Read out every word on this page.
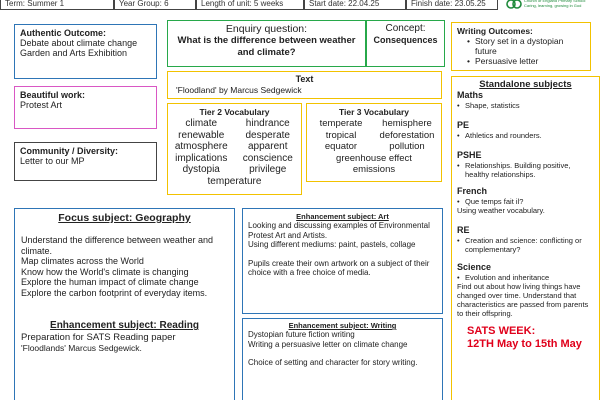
Term: Summer 1	Year Group: 6	Length of unit: 5 weeks	Start date: 22.04.25	Finish date: 23.05.25	Church of England Primary School
Caring, learning, growing in God
Authentic Outcome:
Debate about climate change
Garden and Arts Exhibition
Enquiry question:
What is the difference between weather and climate?
Concept:
Consequences
Writing Outcomes:
• Story set in a dystopian future
• Persuasive letter
Beautiful work:
Protest Art
Text
'Floodland' by Marcus Sedgewick
Community / Diversity:
Letter to our MP
Tier 2 Vocabulary
climate	hindrance
renewable	desperate
atmosphere	apparent
implications	conscience
dystopia	privilege
temperature
Tier 3 Vocabulary
temperate	hemisphere
tropical	deforestation
equator	pollution
greenhouse effect
emissions
Standalone subjects
Maths
• Shape, statistics
PE
• Athletics and rounders.
PSHE
• Relationships. Building positive, healthy relationships.
French
• Que temps fait il?
Using weather vocabulary.
RE
• Creation and science: conflicting or complementary?
Science
• Evolution and inheritance
Find out about how living things have changed over time. Understand that characteristics are passed from parents to their offspring.
SATS WEEK:
12TH May to 15th May
Focus subject: Geography
Understand the difference between weather and climate.
Map climates across the World
Know how the World's climate is changing
Explore the human impact of climate change
Explore the carbon footprint of everyday items.
Enhancement subject: Reading
Preparation for SATS Reading paper
'Floodlands' Marcus Sedgewick.
Enhancement subject: Art
Looking and discussing examples of Environmental Protest Art and Artists.
Using different mediums: paint, pastels, collage
Pupils create their own artwork on a subject of their choice with a free choice of media.
Enhancement subject: Writing
Dystopian future fiction writing
Writing a persuasive letter on climate change
Choice of setting and character for story writing.
